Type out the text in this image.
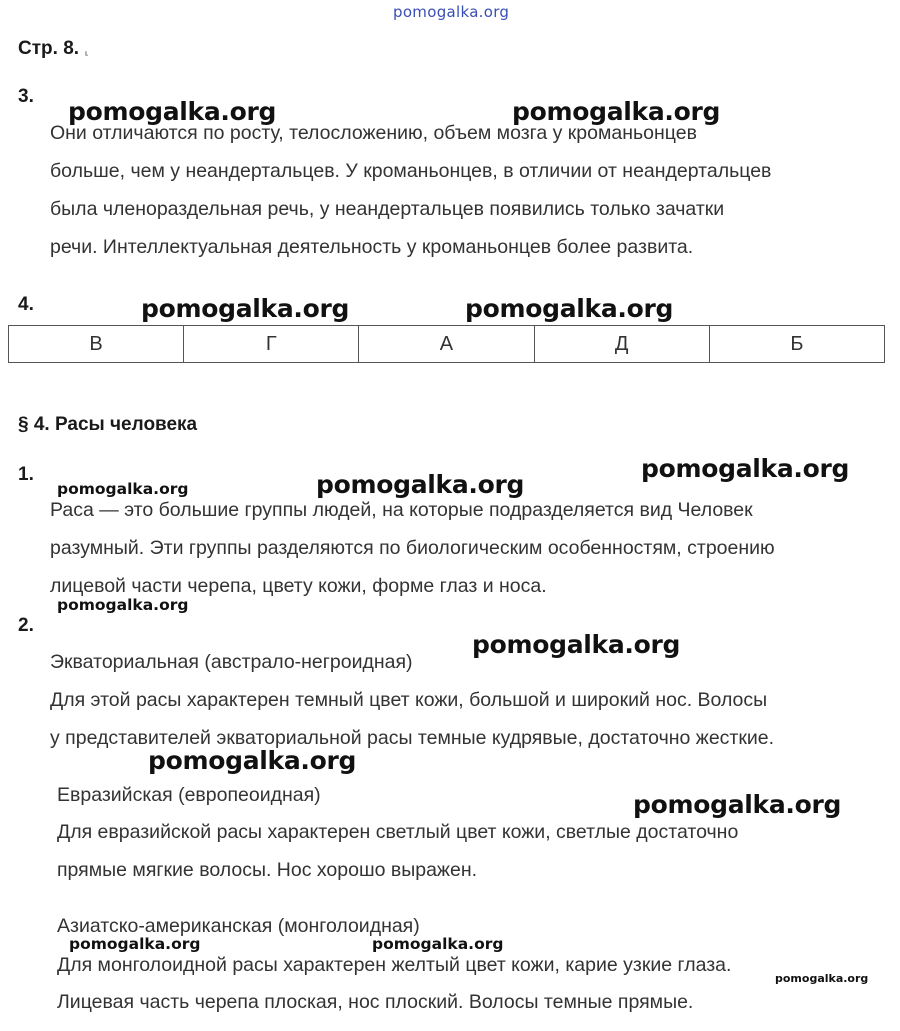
pomogalka.org
Стр. 8. ⸤
3.
Они отличаются по росту, телосложению, объем мозга у кроманьонцев
больше, чем у неандертальцев. У кроманьонцев, в отличии от неандертальцев
была членораздельная речь, у неандертальцев появились только зачатки
речи. Интеллектуальная деятельность у кроманьонцев более развита.
4.
В	Г	А	Д	Б
§ 4. Расы человека
1.
Раса — это большие группы людей, на которые подразделяется вид Человек
разумный. Эти группы разделяются по биологическим особенностям, строению
лицевой части черепа, цвету кожи, форме глаз и носа.
2.
Экваториальная (австрало-негроидная)
Для этой расы характерен темный цвет кожи, большой и широкий нос. Волосы
у представителей экваториальной расы темные кудрявые, достаточно жесткие.
Евразийская (европеоидная)
Для евразийской расы характерен светлый цвет кожи, светлые достаточно
прямые мягкие волосы. Нос хорошо выражен.
Азиатско-американская (монголоидная)
Для монголоидной расы характерен желтый цвет кожи, карие узкие глаза.
Лицевая часть черепа плоская, нос плоский. Волосы темные прямые.
pomogalka.org	pomogalka.org
pomogalka.org	pomogalka.org
pomogalka.org
pomogalka.org
pomogalka.org
pomogalka.org
pomogalka.org
pomogalka.org
pomogalka.org
pomogalka.org	pomogalka.org
pomogalka.org
